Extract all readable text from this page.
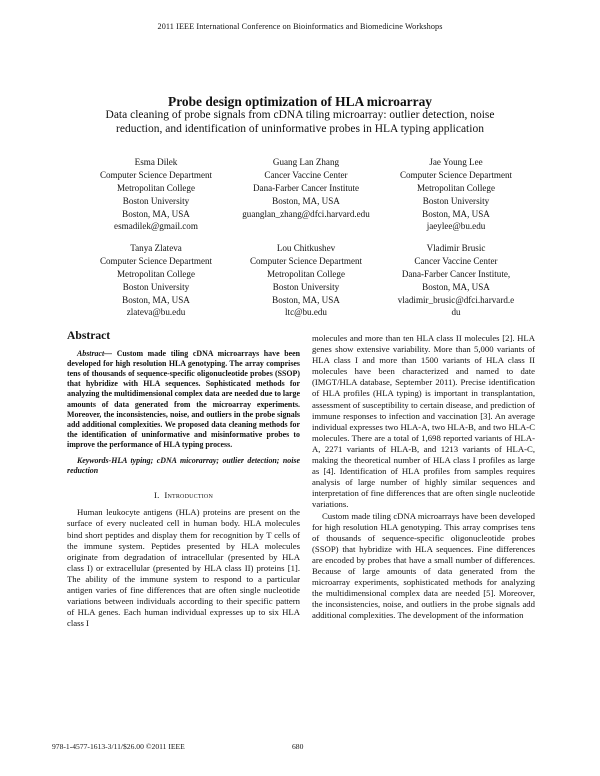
2011 IEEE International Conference on Bioinformatics and Biomedicine Workshops
Probe design optimization of HLA microarray
Data cleaning of probe signals from cDNA tiling microarray: outlier detection, noise reduction, and identification of uninformative probes in HLA typing application
Esma Dilek
Computer Science Department
Metropolitan College
Boston University
Boston, MA, USA
esmadilek@gmail.com
Guang Lan Zhang
Cancer Vaccine Center
Dana-Farber Cancer Institute
Boston, MA, USA
guanglan_zhang@dfci.harvard.edu
Jae Young Lee
Computer Science Department
Metropolitan College
Boston University
Boston, MA, USA
jaeylee@bu.edu
Tanya Zlateva
Computer Science Department
Metropolitan College
Boston University
Boston, MA, USA
zlateva@bu.edu
Lou Chitkushev
Computer Science Department
Metropolitan College
Boston University
Boston, MA, USA
ltc@bu.edu
Vladimir Brusic
Cancer Vaccine Center
Dana-Farber Cancer Institute,
Boston, MA, USA
vladimir_brusic@dfci.harvard.e
du
Abstract

Abstract— Custom made tiling cDNA microarrays have been developed for high resolution HLA genotyping. The array comprises tens of thousands of sequence-specific oligonucleotide probes (SSOP) that hybridize with HLA sequences. Sophisticated methods for analyzing the multidimensional complex data are needed due to large amounts of data generated from the microarray experiments. Moreover, the inconsistencies, noise, and outliers in the probe signals add additional complexities. We proposed data cleaning methods for the identification of uninformative and misinformative probes to improve the performance of HLA typing process.

Keywords-HLA typing; cDNA micorarray; outlier detection; noise reduction

I. Introduction

Human leukocyte antigens (HLA) proteins are present on the surface of every nucleated cell in human body. HLA molecules bind short peptides and display them for recognition by T cells of the immune system. Peptides presented by HLA molecules originate from degradation of intracellular (presented by HLA class I) or extracellular (presented by HLA class II) proteins [1]. The ability of the immune system to respond to a particular antigen varies of fine differences that are often single nucleotide variations between individuals according to their specific pattern of HLA genes. Each human individual expresses up to six HLA class I

molecules and more than ten HLA class II molecules [2]. HLA genes show extensive variability. More than 5,000 variants of HLA class I and more than 1500 variants of HLA class II molecules have been characterized and named to date (IMGT/HLA database, September 2011). Precise identification of HLA profiles (HLA typing) is important in transplantation, assessment of susceptibility to certain disease, and prediction of immune responses to infection and vaccination [3]. An average individual expresses two HLA-A, two HLA-B, and two HLA-C molecules. There are a total of 1,698 reported variants of HLA-A, 2271 variants of HLA-B, and 1213 variants of HLA-C, making the theoretical number of HLA class I profiles as large as [4]. Identification of HLA profiles from samples requires analysis of large number of highly similar sequences and interpretation of fine differences that are often single nucleotide variations.

Custom made tiling cDNA microarrays have been developed for high resolution HLA genotyping. This array comprises tens of thousands of sequence-specific oligonucleotide probes (SSOP) that hybridize with HLA sequences. Fine differences are encoded by probes that have a small number of differences. Because of large amounts of data generated from the microarray experiments, sophisticated methods for analyzing the multidimensional complex data are needed [5]. Moreover, the inconsistencies, noise, and outliers in the probe signals add additional complexities. The development of the information

978-1-4577-1613-3/11/$26.00 ©2011 IEEE	680
